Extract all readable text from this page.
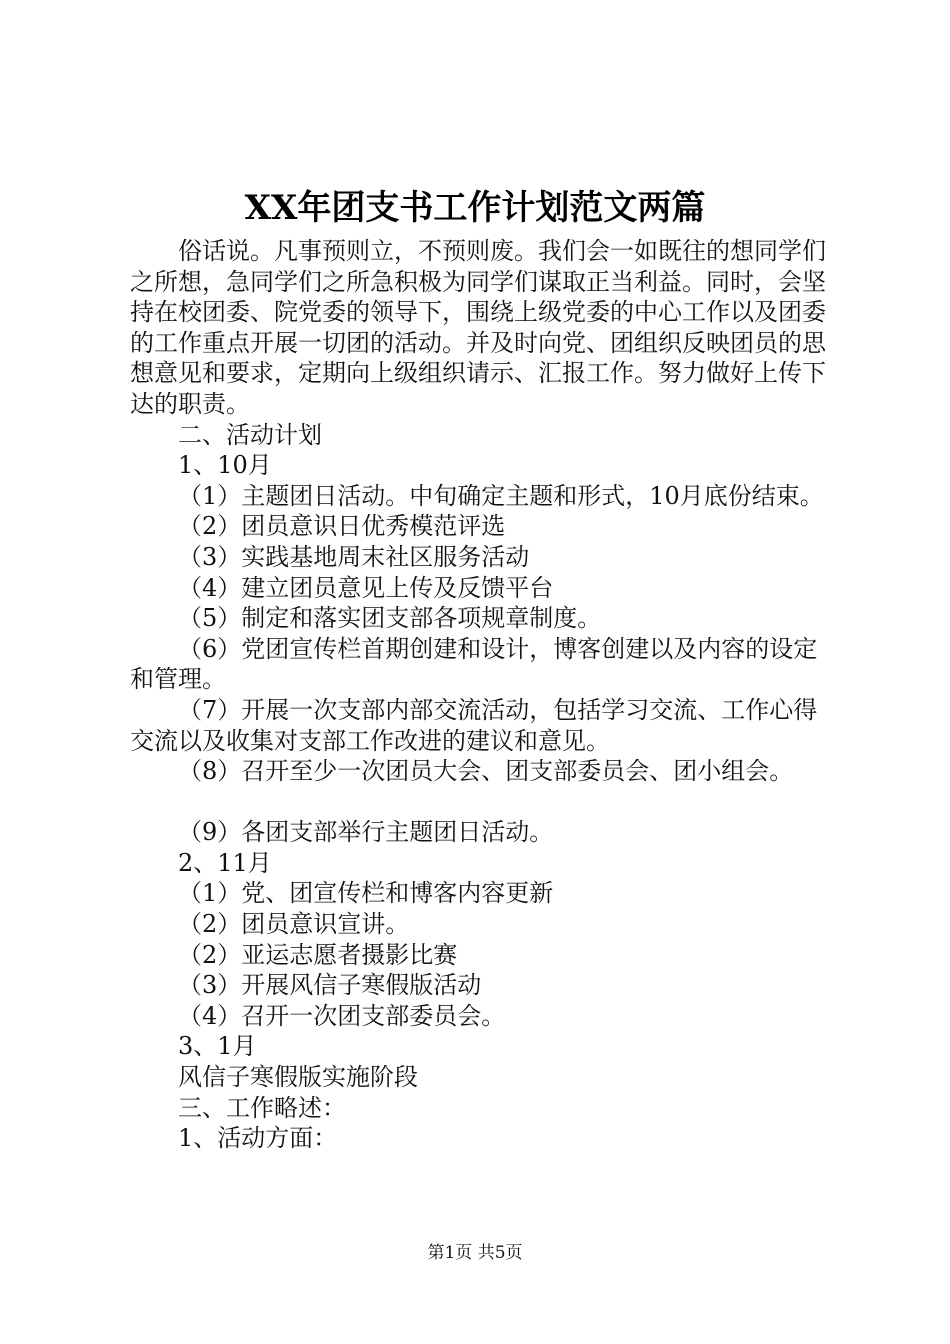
XX年团支书工作计划范文两篇

俗话说。凡事预则立，不预则废。我们会一如既往的想同学们之所想，急同学们之所急积极为同学们谋取正当利益。同时，会坚持在校团委、院党委的领导下，围绕上级党委的中心工作以及团委的工作重点开展一切团的活动。并及时向党、团组织反映团员的思想意见和要求，定期向上级组织请示、汇报工作。努力做好上传下达的职责。

二、活动计划

1、10月

（1）主题团日活动。中旬确定主题和形式，10月底份结束。

（2）团员意识日优秀模范评选

（3）实践基地周末社区服务活动

（4）建立团员意见上传及反馈平台

（5）制定和落实团支部各项规章制度。

（6）党团宣传栏首期创建和设计，博客创建以及内容的设定和管理。

（7）开展一次支部内部交流活动，包括学习交流、工作心得交流以及收集对支部工作改进的建议和意见。

（8）召开至少一次团员大会、团支部委员会、团小组会。

（9）各团支部举行主题团日活动。

2、11月

（1）党、团宣传栏和博客内容更新

（2）团员意识宣讲。

（2）亚运志愿者摄影比赛

（3）开展风信子寒假版活动

（4）召开一次团支部委员会。

3、1月

风信子寒假版实施阶段

三、工作略述：

1、活动方面：

第1页 共5页
